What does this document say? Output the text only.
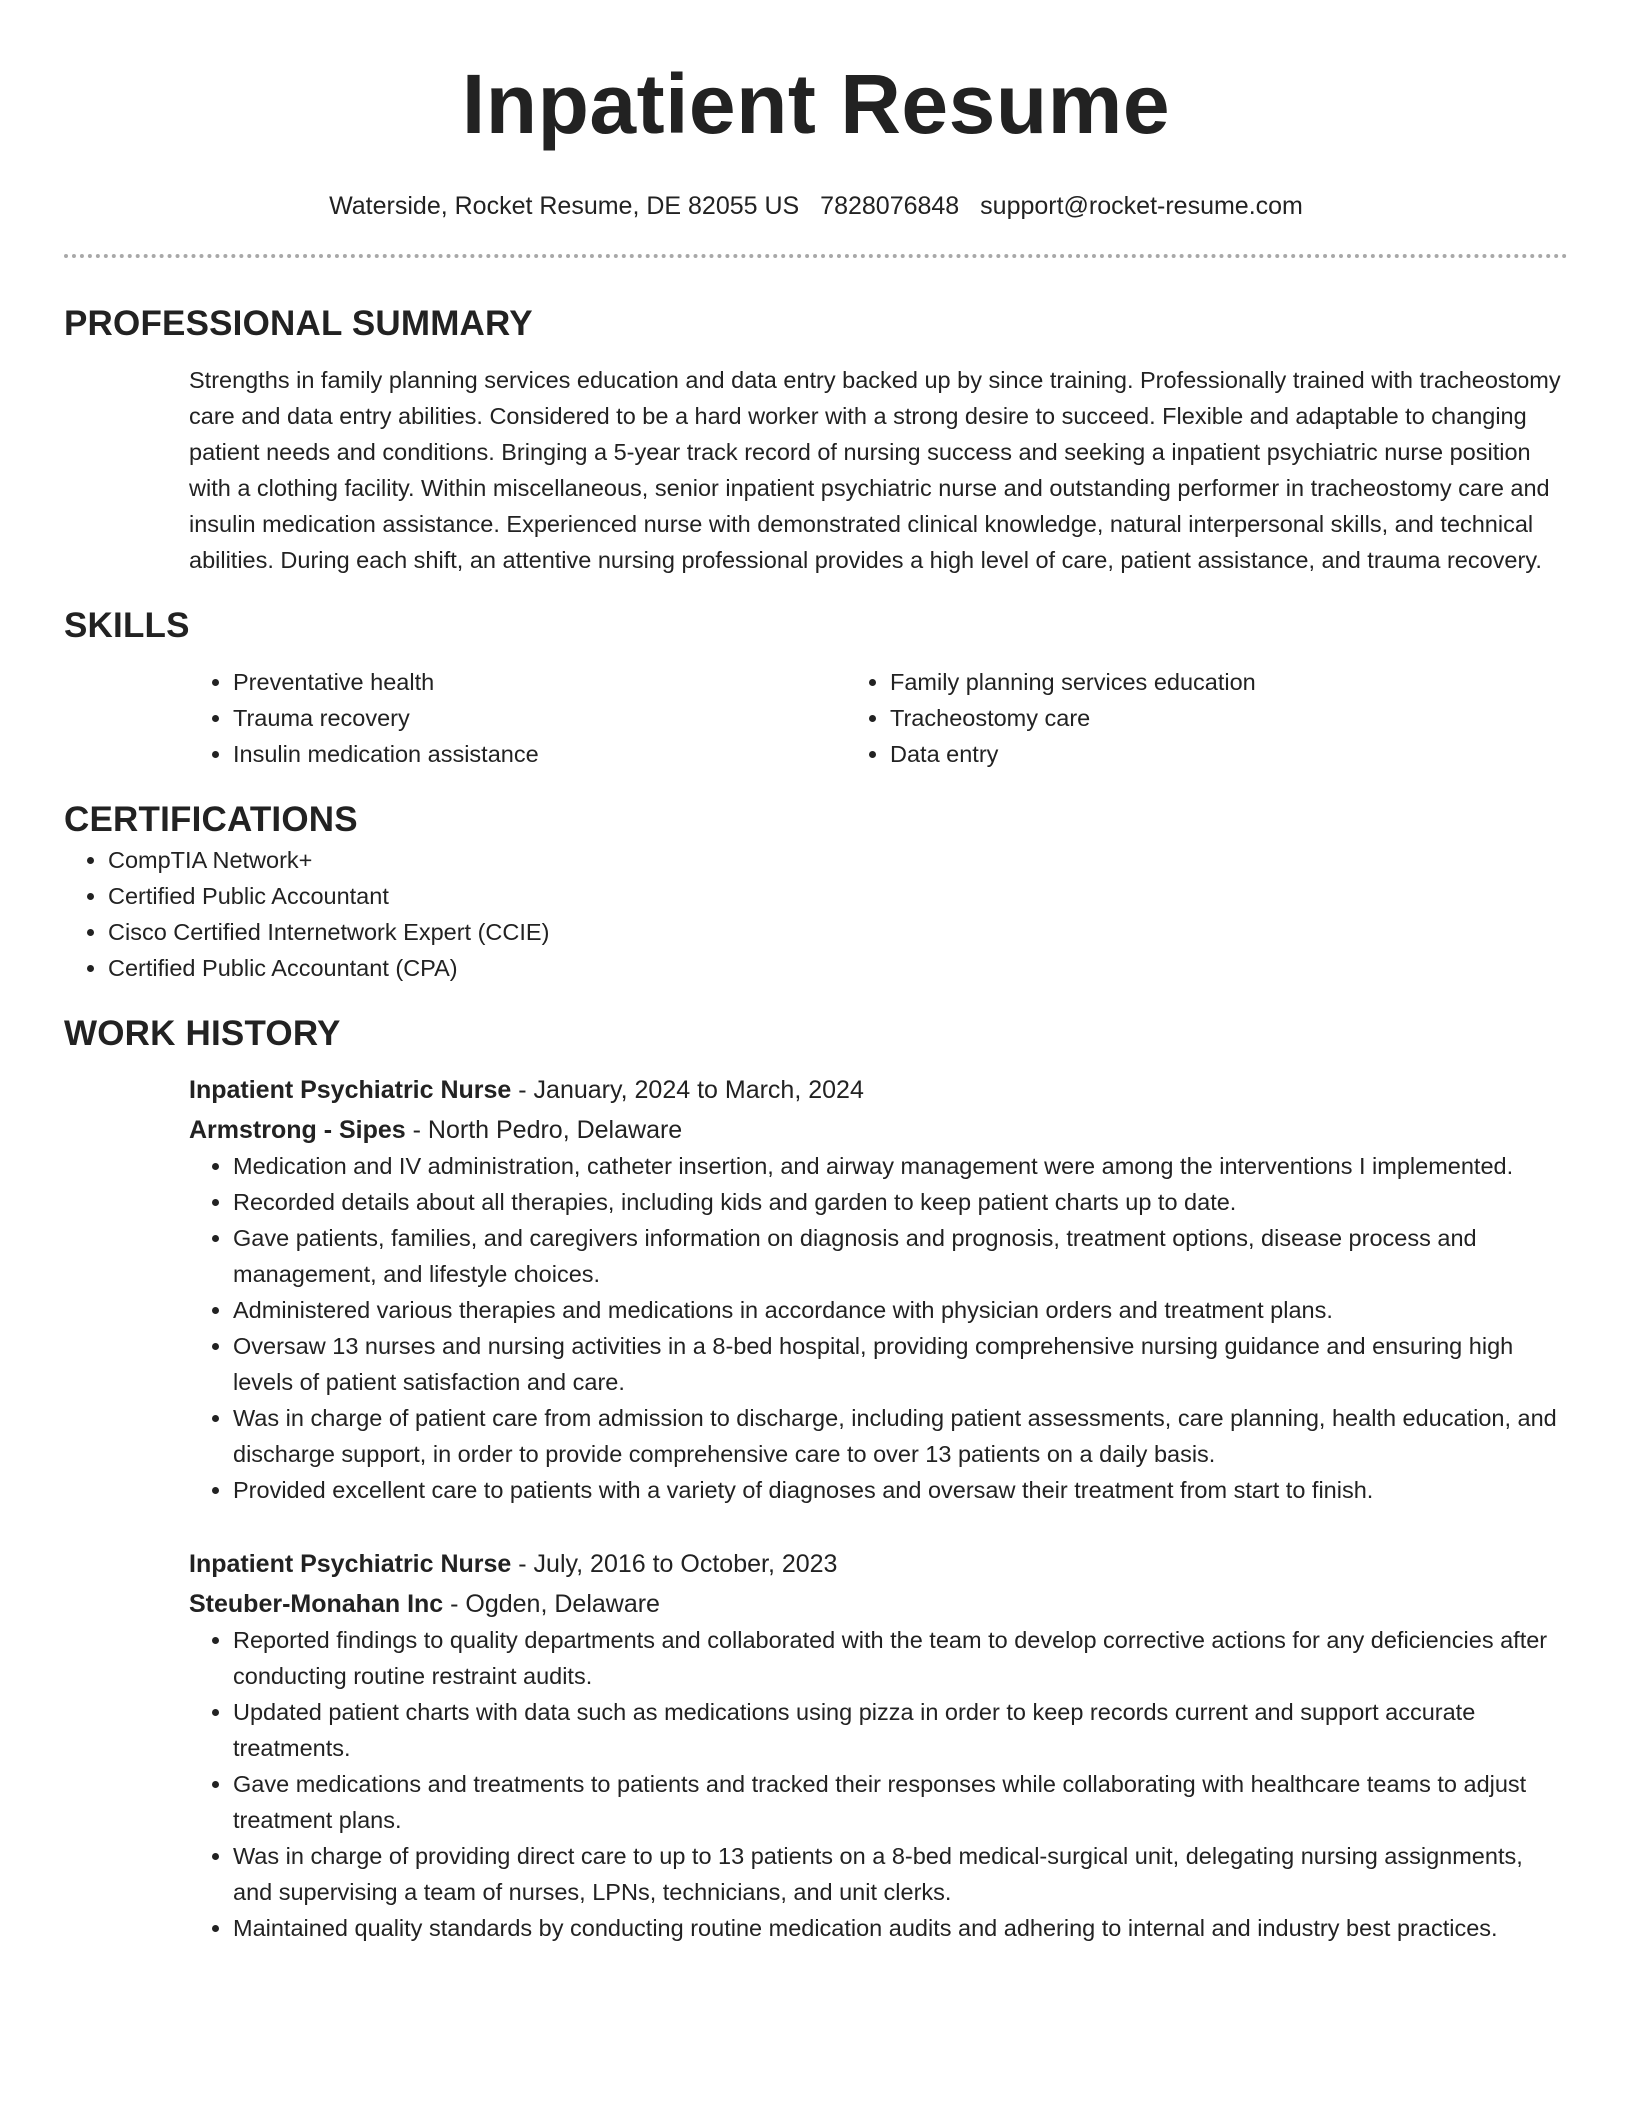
Inpatient Resume
Waterside, Rocket Resume, DE 82055 US 7828076848 support@rocket-resume.com
PROFESSIONAL SUMMARY

Strengths in family planning services education and data entry backed up by since training. Professionally trained with tracheostomy care and data entry abilities. Considered to be a hard worker with a strong desire to succeed. Flexible and adaptable to changing patient needs and conditions. Bringing a 5-year track record of nursing success and seeking a inpatient psychiatric nurse position with a clothing facility. Within miscellaneous, senior inpatient psychiatric nurse and outstanding performer in tracheostomy care and insulin medication assistance. Experienced nurse with demonstrated clinical knowledge, natural interpersonal skills, and technical abilities. During each shift, an attentive nursing professional provides a high level of care, patient assistance, and trauma recovery.

SKILLS
• Preventative health
• Trauma recovery
• Insulin medication assistance
• Family planning services education
• Tracheostomy care
• Data entry
CERTIFICATIONS
• CompTIA Network+
• Certified Public Accountant
• Cisco Certified Internetwork Expert (CCIE)
• Certified Public Accountant (CPA)
WORK HISTORY
Inpatient Psychiatric Nurse - January, 2024 to March, 2024
Armstrong - Sipes - North Pedro, Delaware
• Medication and IV administration, catheter insertion, and airway management were among the interventions I implemented.
• Recorded details about all therapies, including kids and garden to keep patient charts up to date.
• Gave patients, families, and caregivers information on diagnosis and prognosis, treatment options, disease process and management, and lifestyle choices.
• Administered various therapies and medications in accordance with physician orders and treatment plans.
• Oversaw 13 nurses and nursing activities in a 8-bed hospital, providing comprehensive nursing guidance and ensuring high levels of patient satisfaction and care.
• Was in charge of patient care from admission to discharge, including patient assessments, care planning, health education, and discharge support, in order to provide comprehensive care to over 13 patients on a daily basis.
• Provided excellent care to patients with a variety of diagnoses and oversaw their treatment from start to finish.
Inpatient Psychiatric Nurse - July, 2016 to October, 2023
Steuber-Monahan Inc - Ogden, Delaware
• Reported findings to quality departments and collaborated with the team to develop corrective actions for any deficiencies after conducting routine restraint audits.
• Updated patient charts with data such as medications using pizza in order to keep records current and support accurate treatments.
• Gave medications and treatments to patients and tracked their responses while collaborating with healthcare teams to adjust treatment plans.
• Was in charge of providing direct care to up to 13 patients on a 8-bed medical-surgical unit, delegating nursing assignments, and supervising a team of nurses, LPNs, technicians, and unit clerks.
• Maintained quality standards by conducting routine medication audits and adhering to internal and industry best practices.
